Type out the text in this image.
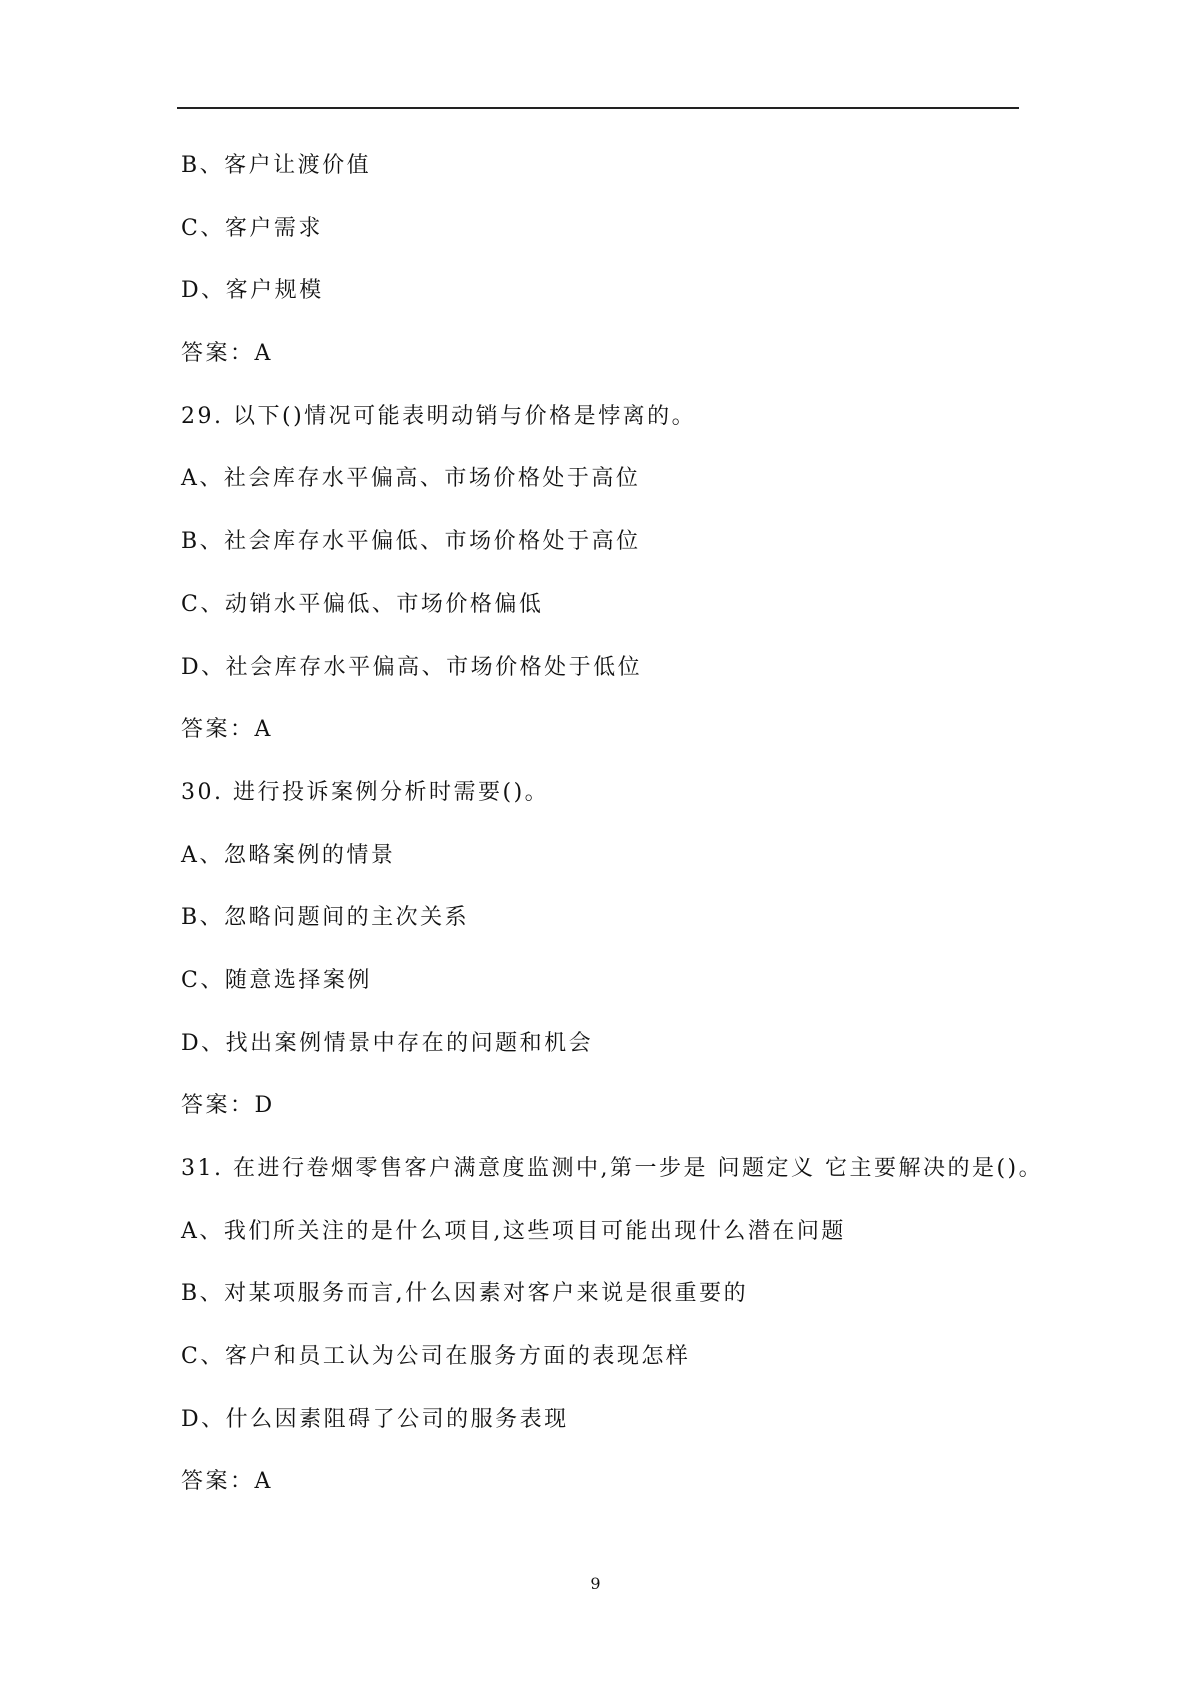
B、客户让渡价值
C、客户需求
D、客户规模
答案：A
29. 以下()情况可能表明动销与价格是悖离的。
A、社会库存水平偏高、市场价格处于高位
B、社会库存水平偏低、市场价格处于高位
C、动销水平偏低、市场价格偏低
D、社会库存水平偏高、市场价格处于低位
答案：A
30. 进行投诉案例分析时需要()。
A、忽略案例的情景
B、忽略问题间的主次关系
C、随意选择案例
D、找出案例情景中存在的问题和机会
答案：D
31. 在进行卷烟零售客户满意度监测中,第一步是 问题定义 它主要解决的是()。
A、我们所关注的是什么项目,这些项目可能出现什么潜在问题
B、对某项服务而言,什么因素对客户来说是很重要的
C、客户和员工认为公司在服务方面的表现怎样
D、什么因素阻碍了公司的服务表现
答案：A
9
